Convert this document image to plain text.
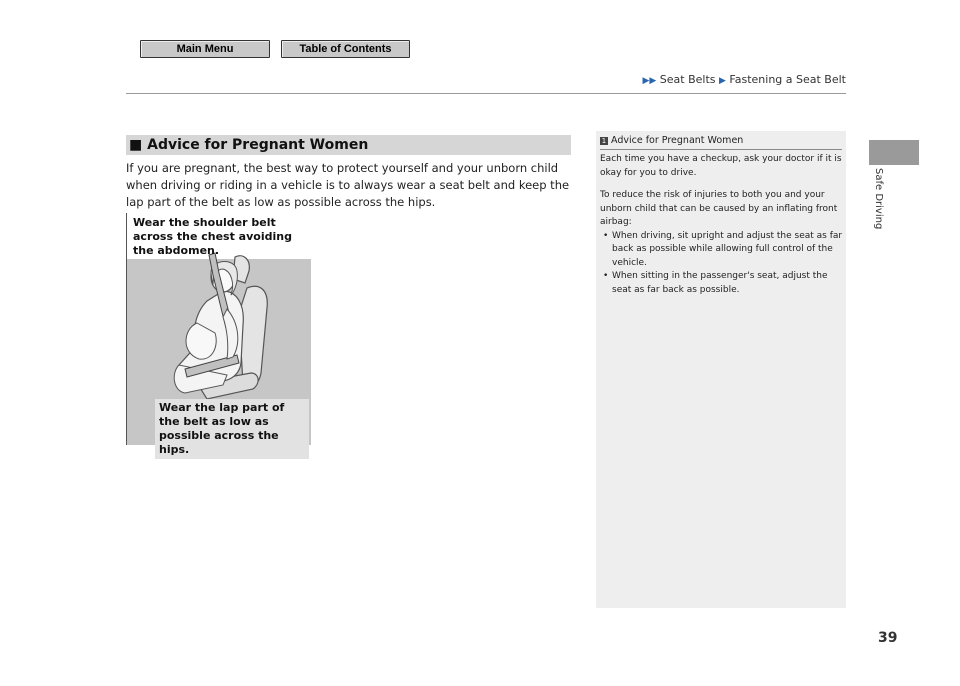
Main Menu	Table of Contents
▶▶ Seat Belts ▶ Fastening a Seat Belt
Safe Driving
39
■ Advice for Pregnant Women
If you are pregnant, the best way to protect yourself and your unborn child when driving or riding in a vehicle is to always wear a seat belt and keep the lap part of the belt as low as possible across the hips.
Wear the shoulder belt across the chest avoiding the abdomen.
Wear the lap part of the belt as low as possible across the hips.
1 Advice for Pregnant Women

Each time you have a checkup, ask your doctor if it is okay for you to drive.

To reduce the risk of injuries to both you and your unborn child that can be caused by an inflating front airbag:

• When driving, sit upright and adjust the seat as far back as possible while allowing full control of the vehicle.
• When sitting in the passenger's seat, adjust the seat as far back as possible.
